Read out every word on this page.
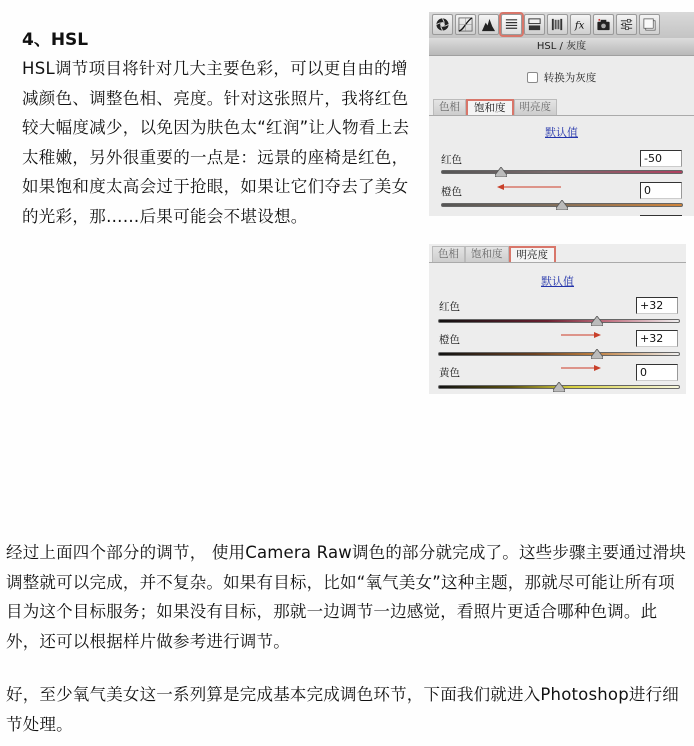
4、HSL
HSL调节项目将针对几大主要色彩，可以更自由的增减颜色、调整色相、亮度。针对这张照片，我将红色较大幅度减少，以免因为肤色太“红润”让人物看上去太稚嫩，另外很重要的一点是：远景的座椅是红色，如果饱和度太高会过于抢眼，如果让它们夺去了美女的光彩，那……后果可能会不堪设想。
fx
HSL / 灰度
转换为灰度
色相	饱和度	明亮度
默认值
红色	-50
橙色	0
色相	饱和度	明亮度
默认值
红色	+32
橙色	+32
黄色	0
经过上面四个部分的调节， 使用Camera Raw调色的部分就完成了。这些步骤主要通过滑块调整就可以完成，并不复杂。如果有目标，比如“氧气美女”这种主题，那就尽可能让所有项目为这个目标服务；如果没有目标，那就一边调节一边感觉，看照片更适合哪种色调。此外，还可以根据样片做参考进行调节。
好，至少氧气美女这一系列算是完成基本完成调色环节，下面我们就进入Photoshop进行细节处理。
